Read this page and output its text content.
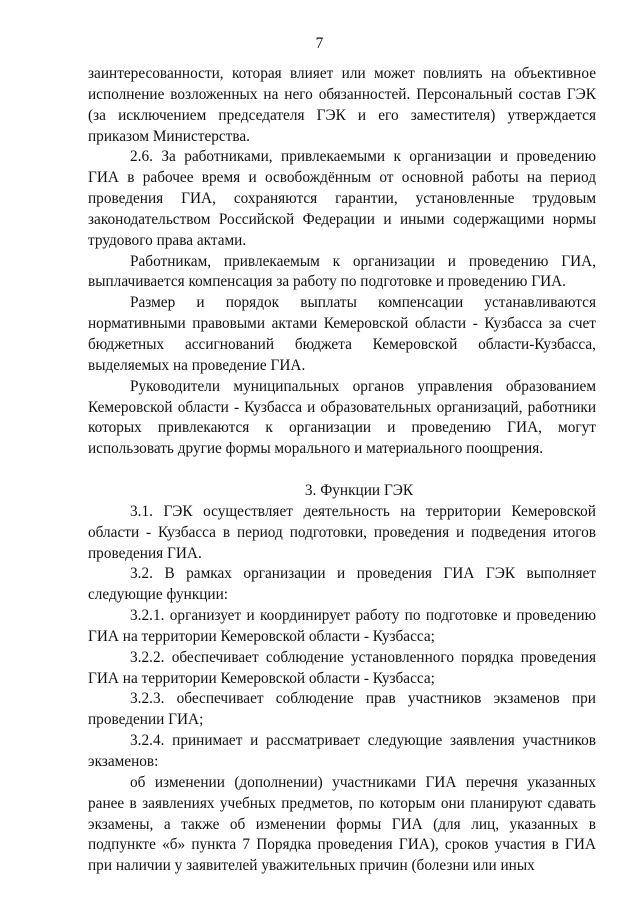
7

заинтересованности, которая влияет или может повлиять на объективное исполнение возложенных на него обязанностей. Персональный состав ГЭК (за исключением председателя ГЭК и его заместителя) утверждается приказом Министерства.

2.6. За работниками, привлекаемыми к организации и проведению ГИА в рабочее время и освобождённым от основной работы на период проведения ГИА, сохраняются гарантии, установленные трудовым законодательством Российской Федерации и иными содержащими нормы трудового права актами.

Работникам, привлекаемым к организации и проведению ГИА, выплачивается компенсация за работу по подготовке и проведению ГИА.

Размер и порядок выплаты компенсации устанавливаются нормативными правовыми актами Кемеровской области - Кузбасса за счет бюджетных ассигнований бюджета Кемеровской области-Кузбасса, выделяемых на проведение ГИА.

Руководители муниципальных органов управления образованием Кемеровской области - Кузбасса и образовательных организаций, работники которых привлекаются к организации и проведению ГИА, могут использовать другие формы морального и материального поощрения.

3. Функции ГЭК

3.1. ГЭК осуществляет деятельность на территории Кемеровской области - Кузбасса в период подготовки, проведения и подведения итогов проведения ГИА.

3.2. В рамках организации и проведения ГИА ГЭК выполняет следующие функции:

3.2.1. организует и координирует работу по подготовке и проведению ГИА на территории Кемеровской области - Кузбасса;

3.2.2. обеспечивает соблюдение установленного порядка проведения ГИА на территории Кемеровской области - Кузбасса;

3.2.3. обеспечивает соблюдение прав участников экзаменов при проведении ГИА;

3.2.4. принимает и рассматривает следующие заявления участников экзаменов:

об изменении (дополнении) участниками ГИА перечня указанных ранее в заявлениях учебных предметов, по которым они планируют сдавать экзамены, а также об изменении формы ГИА (для лиц, указанных в подпункте «б» пункта 7 Порядка проведения ГИА), сроков участия в ГИА при наличии у заявителей уважительных причин (болезни или иных
